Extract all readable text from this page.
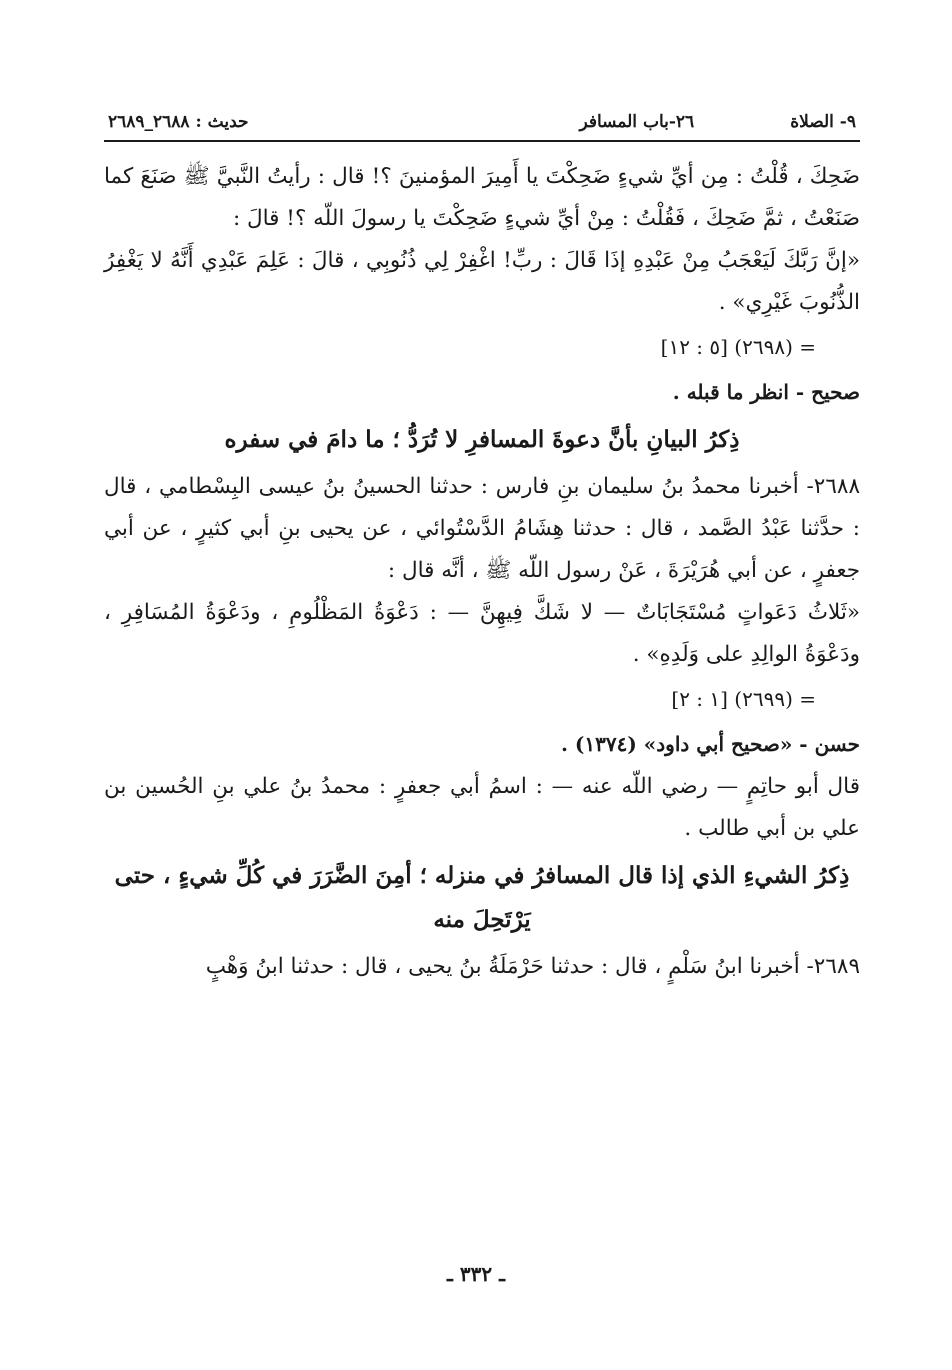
٩- الصلاة
٢٦-باب المسافر
حديث : ٢٦٨٨_٢٦٨٩

ضَحِكَ ، قُلْتُ : مِن أيِّ شيءٍ ضَحِكْتَ يا أَمِيرَ المؤمنينَ ؟! قال : رأيتُ النَّبيَّ ﷺ صَنَعَ كما صَنَعْتُ ، ثمَّ ضَحِكَ ، فَقُلْتُ : مِنْ أيِّ شيءٍ ضَحِكْتَ يا رسولَ اللّه ؟! قالَ :

«إنَّ رَبَّكَ لَيَعْجَبُ مِنْ عَبْدِهِ إذَا قَالَ : ربِّ! اغْفِرْ لِي ذُنُوبِي ، قالَ : عَلِمَ عَبْدِي أَنَّهُ لا يَغْفِرُ الذُّنُوبَ غَيْرِي» .

= (٢٦٩٨) [٥ : ١٢]

صحيح - انظر ما قبله .

ذِكرُ البيانِ بأنَّ دعوةَ المسافرِ لا تُرَدُّ ؛ ما دامَ في سفره

٢٦٨٨- أخبرنا محمدُ بنُ سليمان بنِ فارس : حدثنا الحسينُ بنُ عيسى البِسْطامي ، قال : حدَّثنا عَبْدُ الصَّمد ، قال : حدثنا هِشَامُ الدَّسْتُوائي ، عن يحيى بنِ أبي كثيرٍ ، عن أبي جعفرٍ ، عن أبي هُرَيْرَةَ ، عَنْ رسول اللّه ﷺ ، أنَّه قال :

«ثَلاثُ دَعَواتٍ مُسْتَجَابَاتٌ — لا شَكَّ فِيهِنَّ — : دَعْوَةُ المَظْلُومِ ، ودَعْوَةُ المُسَافِرِ ، ودَعْوَةُ الوالِدِ على وَلَدِهِ» .

= (٢٦٩٩) [١ : ٢]

حسن - «صحيح أبي داود» (١٣٧٤) .

قال أبو حاتِمٍ — رضي اللّه عنه — : اسمُ أبي جعفرٍ : محمدُ بنُ علي بنِ الحُسين بن علي بن أبي طالب .

ذِكرُ الشيءِ الذي إذا قال المسافرُ في منزله ؛ أمِنَ الضَّرَرَ في كُلِّ شيءٍ ، حتى يَرْتَحِلَ منه

٢٦٨٩- أخبرنا ابنُ سَلْمٍ ، قال : حدثنا حَرْمَلَةُ بنُ يحيى ، قال : حدثنا ابنُ وَهْبٍ

ـ ٣٣٢ ـ
